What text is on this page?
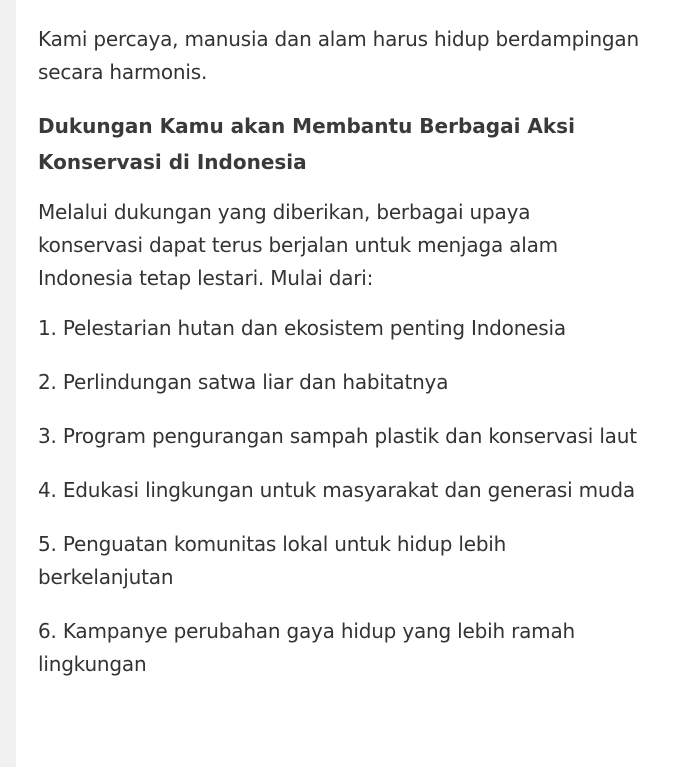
Kami percaya, manusia dan alam harus hidup berdampingan secara harmonis.

Dukungan Kamu akan Membantu Berbagai Aksi Konservasi di Indonesia

Melalui dukungan yang diberikan, berbagai upaya konservasi dapat terus berjalan untuk menjaga alam Indonesia tetap lestari. Mulai dari:

1. Pelestarian hutan dan ekosistem penting Indonesia
2. Perlindungan satwa liar dan habitatnya
3. Program pengurangan sampah plastik dan konservasi laut
4. Edukasi lingkungan untuk masyarakat dan generasi muda
5. Penguatan komunitas lokal untuk hidup lebih berkelanjutan
6. Kampanye perubahan gaya hidup yang lebih ramah lingkungan
